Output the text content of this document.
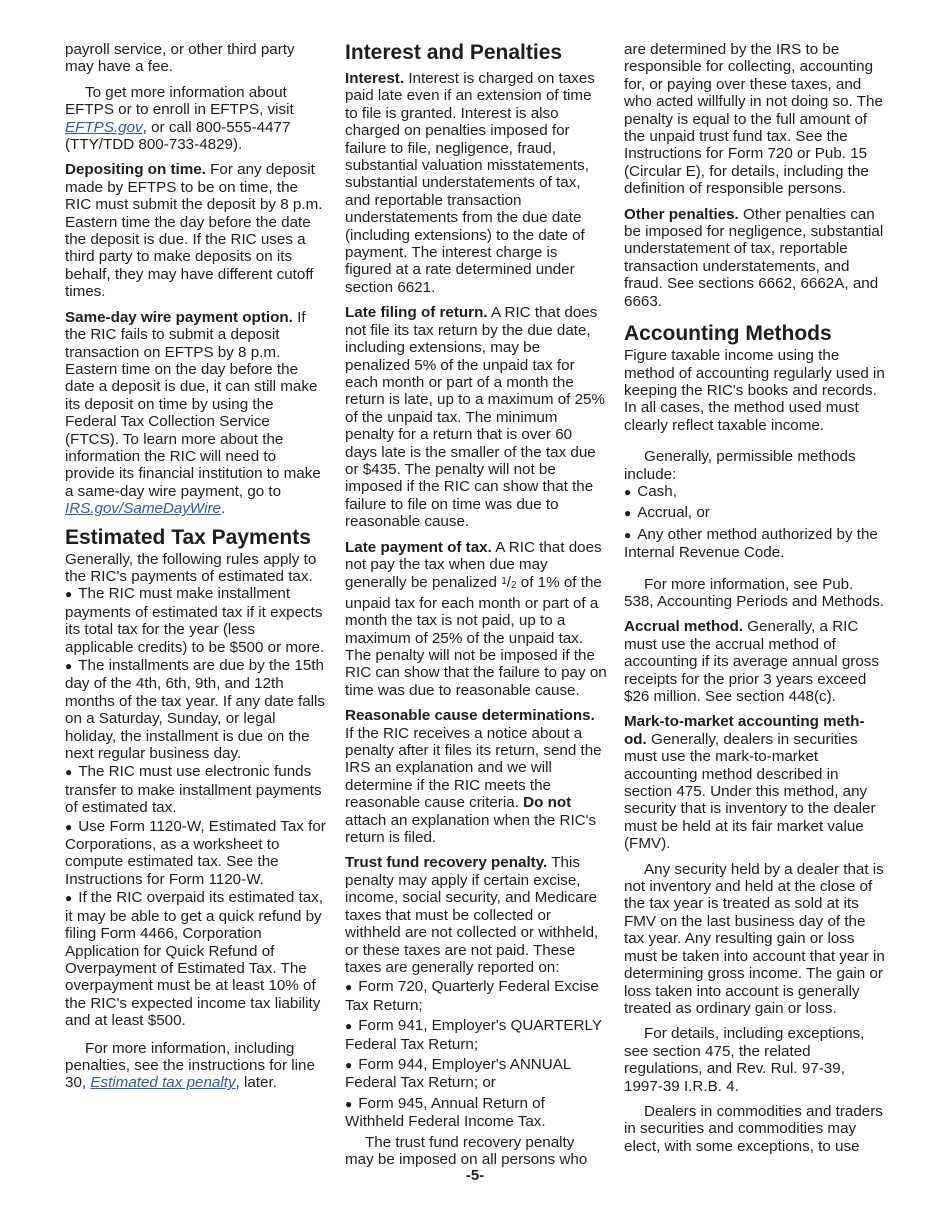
payroll service, or other third party may have a fee.

To get more information about EFTPS or to enroll in EFTPS, visit EFTPS.gov, or call 800-555-4477 (TTY/TDD 800-733-4829).

Depositing on time. For any deposit made by EFTPS to be on time, the RIC must submit the deposit by 8 p.m. Eastern time the day before the date the deposit is due. If the RIC uses a third party to make deposits on its behalf, they may have different cutoff times.

Same-day wire payment option. If the RIC fails to submit a deposit transaction on EFTPS by 8 p.m. Eastern time on the day before the date a deposit is due, it can still make its deposit on time by using the Federal Tax Collection Service (FTCS). To learn more about the information the RIC will need to provide its financial institution to make a same-day wire payment, go to IRS.gov/SameDayWire.

Estimated Tax Payments

Generally, the following rules apply to the RIC's payments of estimated tax.

● The RIC must make installment payments of estimated tax if it expects its total tax for the year (less applicable credits) to be $500 or more.
● The installments are due by the 15th day of the 4th, 6th, 9th, and 12th months of the tax year. If any date falls on a Saturday, Sunday, or legal holiday, the installment is due on the next regular business day.
● The RIC must use electronic funds transfer to make installment payments of estimated tax.
● Use Form 1120-W, Estimated Tax for Corporations, as a worksheet to compute estimated tax. See the Instructions for Form 1120-W.
● If the RIC overpaid its estimated tax, it may be able to get a quick refund by filing Form 4466, Corporation Application for Quick Refund of Overpayment of Estimated Tax. The overpayment must be at least 10% of the RIC's expected income tax liability and at least $500.

For more information, including penalties, see the instructions for line 30, Estimated tax penalty, later.

Interest and Penalties

Interest. Interest is charged on taxes paid late even if an extension of time to file is granted. Interest is also charged on penalties imposed for failure to file, negligence, fraud, substantial valuation misstatements, substantial understatements of tax, and reportable transaction understatements from the due date (including extensions) to the date of payment. The interest charge is figured at a rate determined under section 6621.

Late filing of return. A RIC that does not file its tax return by the due date, including extensions, may be penalized 5% of the unpaid tax for each month or part of a month the return is late, up to a maximum of 25% of the unpaid tax. The minimum penalty for a return that is over 60 days late is the smaller of the tax due or $435. The penalty will not be imposed if the RIC can show that the failure to file on time was due to reasonable cause.

Late payment of tax. A RIC that does not pay the tax when due may generally be penalized 1/2 of 1% of the unpaid tax for each month or part of a month the tax is not paid, up to a maximum of 25% of the unpaid tax. The penalty will not be imposed if the RIC can show that the failure to pay on time was due to reasonable cause.

Reasonable cause determinations. If the RIC receives a notice about a penalty after it files its return, send the IRS an explanation and we will determine if the RIC meets the reasonable cause criteria. Do not attach an explanation when the RIC's return is filed.

Trust fund recovery penalty. This penalty may apply if certain excise, income, social security, and Medicare taxes that must be collected or withheld are not collected or withheld, or these taxes are not paid. These taxes are generally reported on:

● Form 720, Quarterly Federal Excise Tax Return;
● Form 941, Employer's QUARTERLY Federal Tax Return;
● Form 944, Employer's ANNUAL Federal Tax Return; or
● Form 945, Annual Return of Withheld Federal Income Tax.

The trust fund recovery penalty may be imposed on all persons who

are determined by the IRS to be responsible for collecting, accounting for, or paying over these taxes, and who acted willfully in not doing so. The penalty is equal to the full amount of the unpaid trust fund tax. See the Instructions for Form 720 or Pub. 15 (Circular E), for details, including the definition of responsible persons.

Other penalties. Other penalties can be imposed for negligence, substantial understatement of tax, reportable transaction understatements, and fraud. See sections 6662, 6662A, and 6663.

Accounting Methods

Figure taxable income using the method of accounting regularly used in keeping the RIC's books and records. In all cases, the method used must clearly reflect taxable income.

Generally, permissible methods include:

● Cash,
● Accrual, or
● Any other method authorized by the Internal Revenue Code.

For more information, see Pub. 538, Accounting Periods and Methods.

Accrual method. Generally, a RIC must use the accrual method of accounting if its average annual gross receipts for the prior 3 years exceed $26 million. See section 448(c).

Mark-to-market accounting meth-od. Generally, dealers in securities must use the mark-to-market accounting method described in section 475. Under this method, any security that is inventory to the dealer must be held at its fair market value (FMV).

Any security held by a dealer that is not inventory and held at the close of the tax year is treated as sold at its FMV on the last business day of the tax year. Any resulting gain or loss must be taken into account that year in determining gross income. The gain or loss taken into account is generally treated as ordinary gain or loss.

For details, including exceptions, see section 475, the related regulations, and Rev. Rul. 97-39, 1997-39 I.R.B. 4.

Dealers in commodities and traders in securities and commodities may elect, with some exceptions, to use

-5-
